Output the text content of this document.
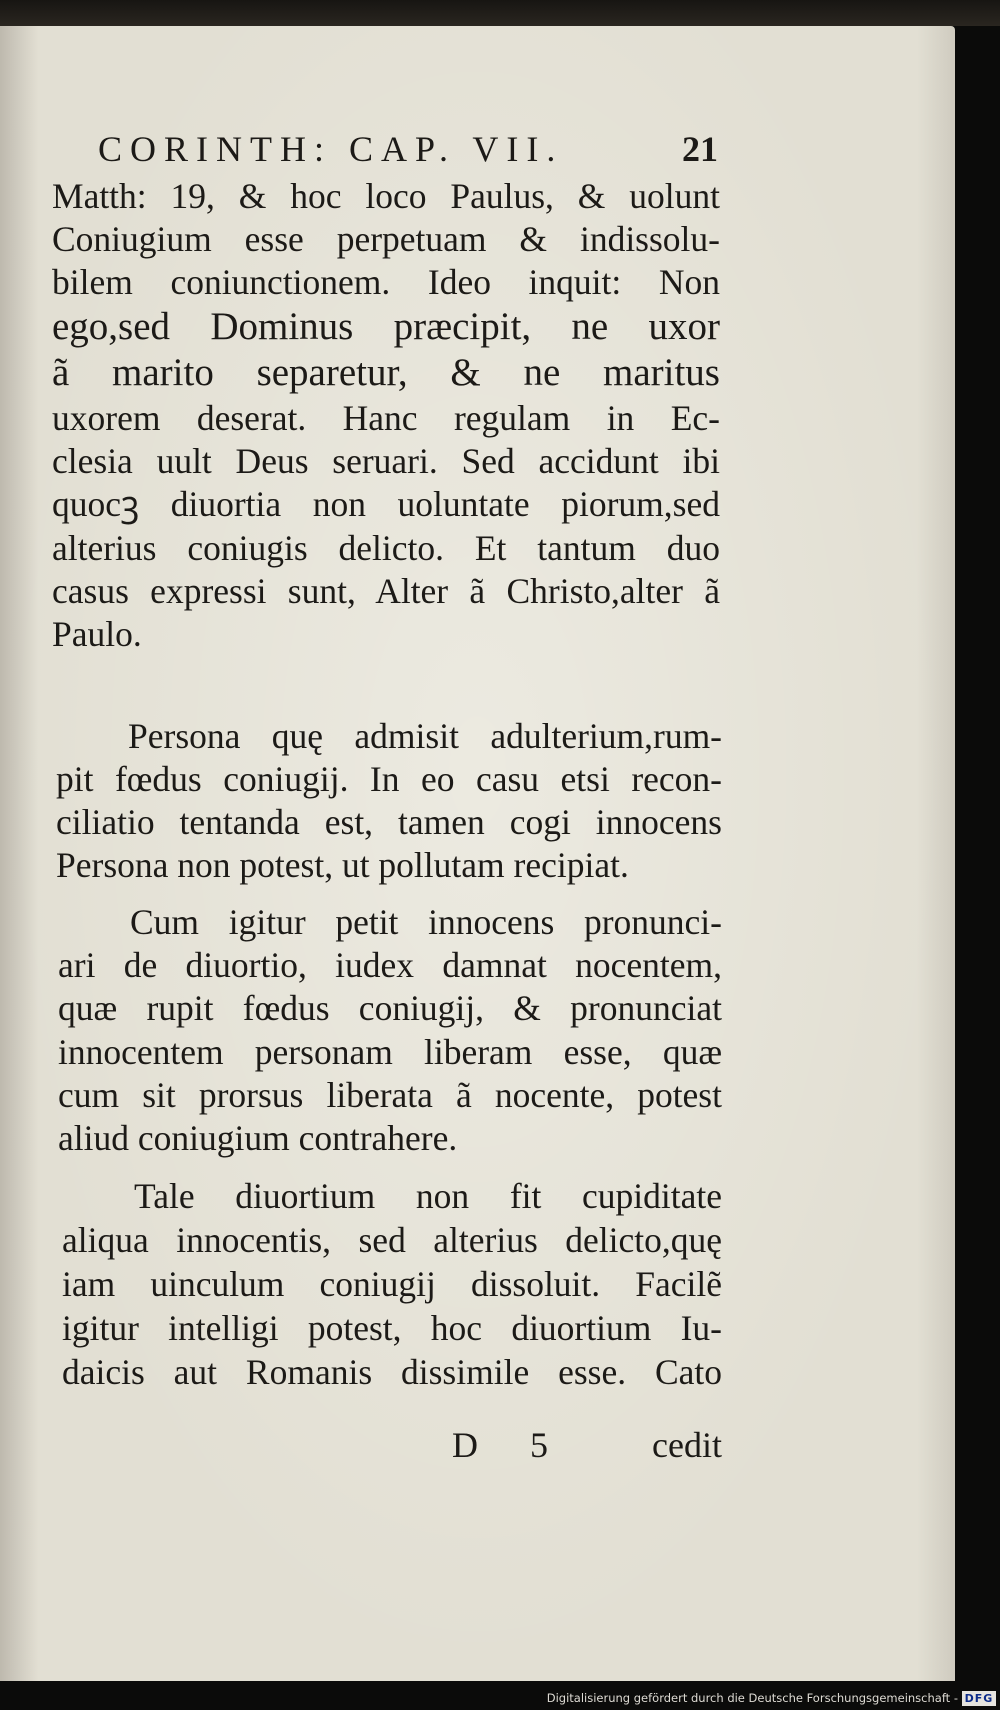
CORINTH: CAP. VII.	21
Matth: 19, & hoc loco Paulus, & uolunt
Coniugium esse perpetuam & indissolu-
bilem coniunctionem. Ideo inquit: Non
ego,sed Dominus præcipit, ne uxor
ã marito separetur, & ne maritus
uxorem deserat. Hanc regulam in Ec-
clesia uult Deus seruari. Sed accidunt ibi
quocꝫ diuortia non uoluntate piorum,sed
alterius coniugis delicto. Et tantum duo
casus expressi sunt, Alter ã Christo,alter ã
Paulo.
Persona quę admisit adulterium,rum-
pit fœdus coniugij. In eo casu etsi recon-
ciliatio tentanda est, tamen cogi innocens
Persona non potest, ut pollutam recipiat.
Cum igitur petit innocens pronunci-
ari de diuortio, iudex damnat nocentem,
quæ rupit fœdus coniugij, & pronunciat
innocentem personam liberam esse, quæ
cum sit prorsus liberata ã nocente, potest
aliud coniugium contrahere.
Tale diuortium non fit cupiditate
aliqua innocentis, sed alterius delicto,quę
iam uinculum coniugij dissoluit. Facilẽ
igitur intelligi potest, hoc diuortium Iu-
daicis aut Romanis dissimile esse. Cato
D 5	cedit
Digitalisierung gefördert durch die Deutsche Forschungsgemeinschaft - DFG
